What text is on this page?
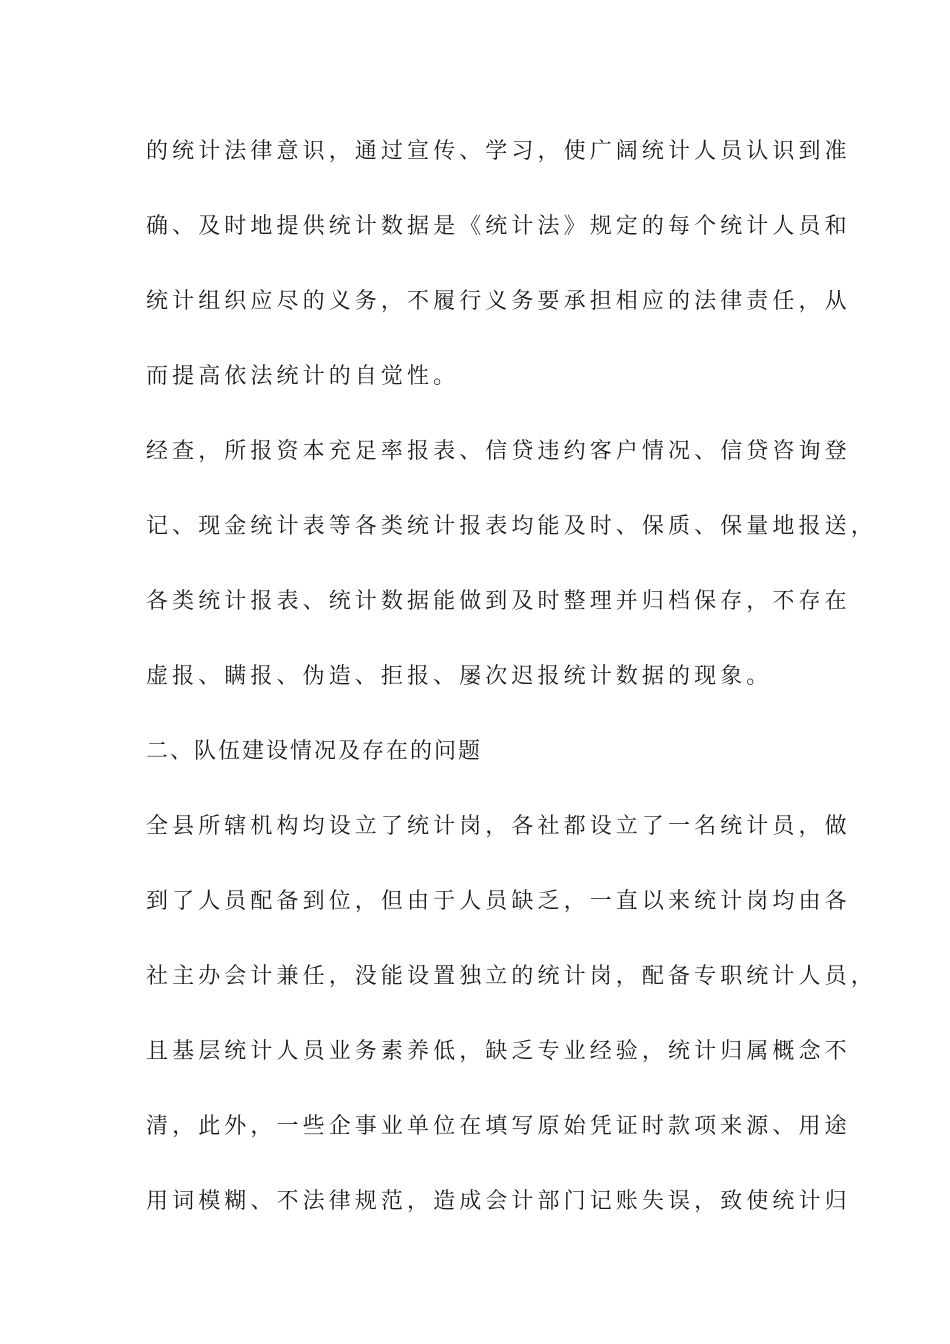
的统计法律意识，通过宣传、学习，使广阔统计人员认识到准
确、及时地提供统计数据是《统计法》规定的每个统计人员和
统计组织应尽的义务，不履行义务要承担相应的法律责任，从
而提高依法统计的自觉性。
经查，所报资本充足率报表、信贷违约客户情况、信贷咨询登
记、现金统计表等各类统计报表均能及时、保质、保量地报送，
各类统计报表、统计数据能做到及时整理并归档保存，不存在
虚报、瞒报、伪造、拒报、屡次迟报统计数据的现象。
二、队伍建设情况及存在的问题
全县所辖机构均设立了统计岗，各社都设立了一名统计员，做
到了人员配备到位，但由于人员缺乏，一直以来统计岗均由各
社主办会计兼任，没能设置独立的统计岗，配备专职统计人员，
且基层统计人员业务素养低，缺乏专业经验，统计归属概念不
清，此外，一些企事业单位在填写原始凭证时款项来源、用途
用词模糊、不法律规范，造成会计部门记账失误，致使统计归
